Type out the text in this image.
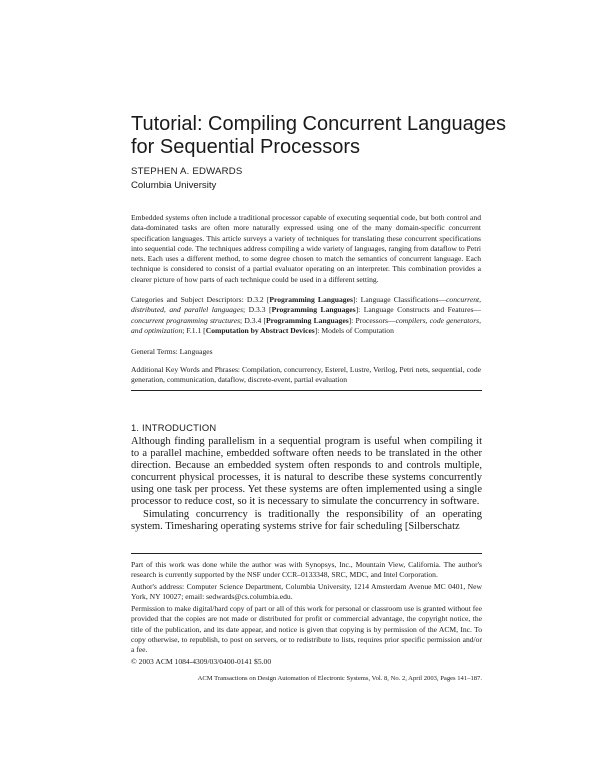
Tutorial: Compiling Concurrent Languages
for Sequential Processors
STEPHEN A. EDWARDS
Columbia University

Embedded systems often include a traditional processor capable of executing sequential code, but both control and data-dominated tasks are often more naturally expressed using one of the many domain-specific concurrent specification languages. This article surveys a variety of techniques for translating these concurrent specifications into sequential code. The techniques address compiling a wide variety of languages, ranging from dataflow to Petri nets. Each uses a different method, to some degree chosen to match the semantics of concurrent language. Each technique is considered to consist of a partial evaluator operating on an interpreter. This combination provides a clearer picture of how parts of each technique could be used in a different setting.

Categories and Subject Descriptors: D.3.2 [Programming Languages]: Language Classifications—concurrent, distributed, and parallel languages; D.3.3 [Programming Languages]: Language Constructs and Features—concurrent programming structures; D.3.4 [Programming Languages]: Processors—compilers, code generators, and optimization; F.1.1 [Computation by Abstract Devices]: Models of Computation

General Terms: Languages

Additional Key Words and Phrases: Compilation, concurrency, Esterel, Lustre, Verilog, Petri nets, sequential, code generation, communication, dataflow, discrete-event, partial evaluation

1. INTRODUCTION

Although finding parallelism in a sequential program is useful when compiling it to a parallel machine, embedded software often needs to be translated in the other direction. Because an embedded system often responds to and controls multiple, concurrent physical processes, it is natural to describe these systems concurrently using one task per process. Yet these systems are often implemented using a single processor to reduce cost, so it is necessary to simulate the concurrency in software.
Simulating concurrency is traditionally the responsibility of an operating system. Timesharing operating systems strive for fair scheduling [Silberschatz

Part of this work was done while the author was with Synopsys, Inc., Mountain View, California. The author's research is currently supported by the NSF under CCR–0133348, SRC, MDC, and Intel Corporation.

Author's address: Computer Science Department, Columbia University, 1214 Amsterdam Avenue MC 0401, New York, NY 10027; email: sedwards@cs.columbia.edu.

Permission to make digital/hard copy of part or all of this work for personal or classroom use is granted without fee provided that the copies are not made or distributed for profit or commercial advantage, the copyright notice, the title of the publication, and its date appear, and notice is given that copying is by permission of the ACM, Inc. To copy otherwise, to republish, to post on servers, or to redistribute to lists, requires prior specific permission and/or a fee.

© 2003 ACM 1084-4309/03/0400-0141 $5.00

ACM Transactions on Design Automation of Electronic Systems, Vol. 8, No. 2, April 2003, Pages 141–187.
